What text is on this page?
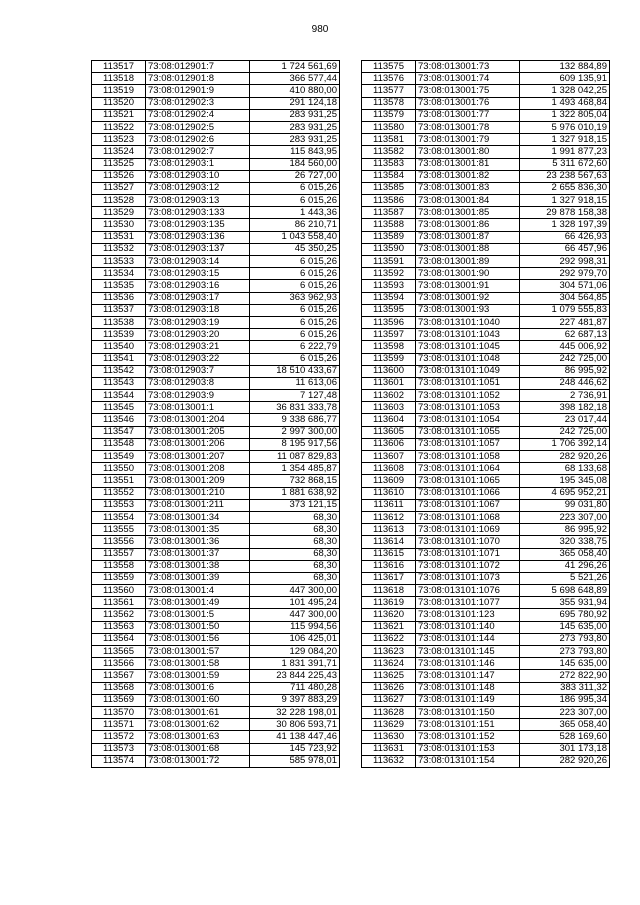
980
113517	73:08:012901:7	1 724 561,69
113518	73:08:012901:8	366 577,44
113519	73:08:012901:9	410 880,00
113520	73:08:012902:3	291 124,18
113521	73:08:012902:4	283 931,25
113522	73:08:012902:5	283 931,25
113523	73:08:012902:6	283 931,25
113524	73:08:012902:7	115 843,95
113525	73:08:012903:1	184 560,00
113526	73:08:012903:10	26 727,00
113527	73:08:012903:12	6 015,26
113528	73:08:012903:13	6 015,26
113529	73:08:012903:133	1 443,36
113530	73:08:012903:135	86 210,71
113531	73:08:012903:136	1 043 558,40
113532	73:08:012903:137	45 350,25
113533	73:08:012903:14	6 015,26
113534	73:08:012903:15	6 015,26
113535	73:08:012903:16	6 015,26
113536	73:08:012903:17	363 962,93
113537	73:08:012903:18	6 015,26
113538	73:08:012903:19	6 015,26
113539	73:08:012903:20	6 015,26
113540	73:08:012903:21	6 222,79
113541	73:08:012903:22	6 015,26
113542	73:08:012903:7	18 510 433,67
113543	73:08:012903:8	11 613,06
113544	73:08:012903:9	7 127,48
113545	73:08:013001:1	36 831 333,78
113546	73:08:013001:204	9 338 686,77
113547	73:08:013001:205	2 997 300,00
113548	73:08:013001:206	8 195 917,56
113549	73:08:013001:207	11 087 829,83
113550	73:08:013001:208	1 354 485,87
113551	73:08:013001:209	732 868,15
113552	73:08:013001:210	1 881 638,92
113553	73:08:013001:211	373 121,15
113554	73:08:013001:34	68,30
113555	73:08:013001:35	68,30
113556	73:08:013001:36	68,30
113557	73:08:013001:37	68,30
113558	73:08:013001:38	68,30
113559	73:08:013001:39	68,30
113560	73:08:013001:4	447 300,00
113561	73:08:013001:49	101 495,24
113562	73:08:013001:5	447 300,00
113563	73:08:013001:50	115 994,56
113564	73:08:013001:56	106 425,01
113565	73:08:013001:57	129 084,20
113566	73:08:013001:58	1 831 391,71
113567	73:08:013001:59	23 844 225,43
113568	73:08:013001:6	711 480,28
113569	73:08:013001:60	9 397 883,29
113570	73:08:013001:61	32 228 198,01
113571	73:08:013001:62	30 806 593,71
113572	73:08:013001:63	41 138 447,46
113573	73:08:013001:68	145 723,92
113574	73:08:013001:72	585 978,01
113575	73:08:013001:73	132 884,89
113576	73:08:013001:74	609 135,91
113577	73:08:013001:75	1 328 042,25
113578	73:08:013001:76	1 493 468,84
113579	73:08:013001:77	1 322 805,04
113580	73:08:013001:78	5 976 010,19
113581	73:08:013001:79	1 327 918,15
113582	73:08:013001:80	1 991 877,23
113583	73:08:013001:81	5 311 672,60
113584	73:08:013001:82	23 238 567,63
113585	73:08:013001:83	2 655 836,30
113586	73:08:013001:84	1 327 918,15
113587	73:08:013001:85	29 878 158,38
113588	73:08:013001:86	1 328 197,39
113589	73:08:013001:87	66 426,93
113590	73:08:013001:88	66 457,96
113591	73:08:013001:89	292 998,31
113592	73:08:013001:90	292 979,70
113593	73:08:013001:91	304 571,06
113594	73:08:013001:92	304 564,85
113595	73:08:013001:93	1 079 555,83
113596	73:08:013101:1040	227 481,87
113597	73:08:013101:1043	62 687,13
113598	73:08:013101:1045	445 006,92
113599	73:08:013101:1048	242 725,00
113600	73:08:013101:1049	86 995,92
113601	73:08:013101:1051	248 446,62
113602	73:08:013101:1052	2 736,91
113603	73:08:013101:1053	398 182,18
113604	73:08:013101:1054	23 017,44
113605	73:08:013101:1055	242 725,00
113606	73:08:013101:1057	1 706 392,14
113607	73:08:013101:1058	282 920,26
113608	73:08:013101:1064	68 133,68
113609	73:08:013101:1065	195 345,08
113610	73:08:013101:1066	4 695 952,21
113611	73:08:013101:1067	99 031,80
113612	73:08:013101:1068	223 307,00
113613	73:08:013101:1069	86 995,92
113614	73:08:013101:1070	320 338,75
113615	73:08:013101:1071	365 058,40
113616	73:08:013101:1072	41 296,26
113617	73:08:013101:1073	5 521,26
113618	73:08:013101:1076	5 698 648,89
113619	73:08:013101:1077	355 931,94
113620	73:08:013101:123	695 780,92
113621	73:08:013101:140	145 635,00
113622	73:08:013101:144	273 793,80
113623	73:08:013101:145	273 793,80
113624	73:08:013101:146	145 635,00
113625	73:08:013101:147	272 822,90
113626	73:08:013101:148	383 311,32
113627	73:08:013101:149	186 995,34
113628	73:08:013101:150	223 307,00
113629	73:08:013101:151	365 058,40
113630	73:08:013101:152	528 169,60
113631	73:08:013101:153	301 173,18
113632	73:08:013101:154	282 920,26
